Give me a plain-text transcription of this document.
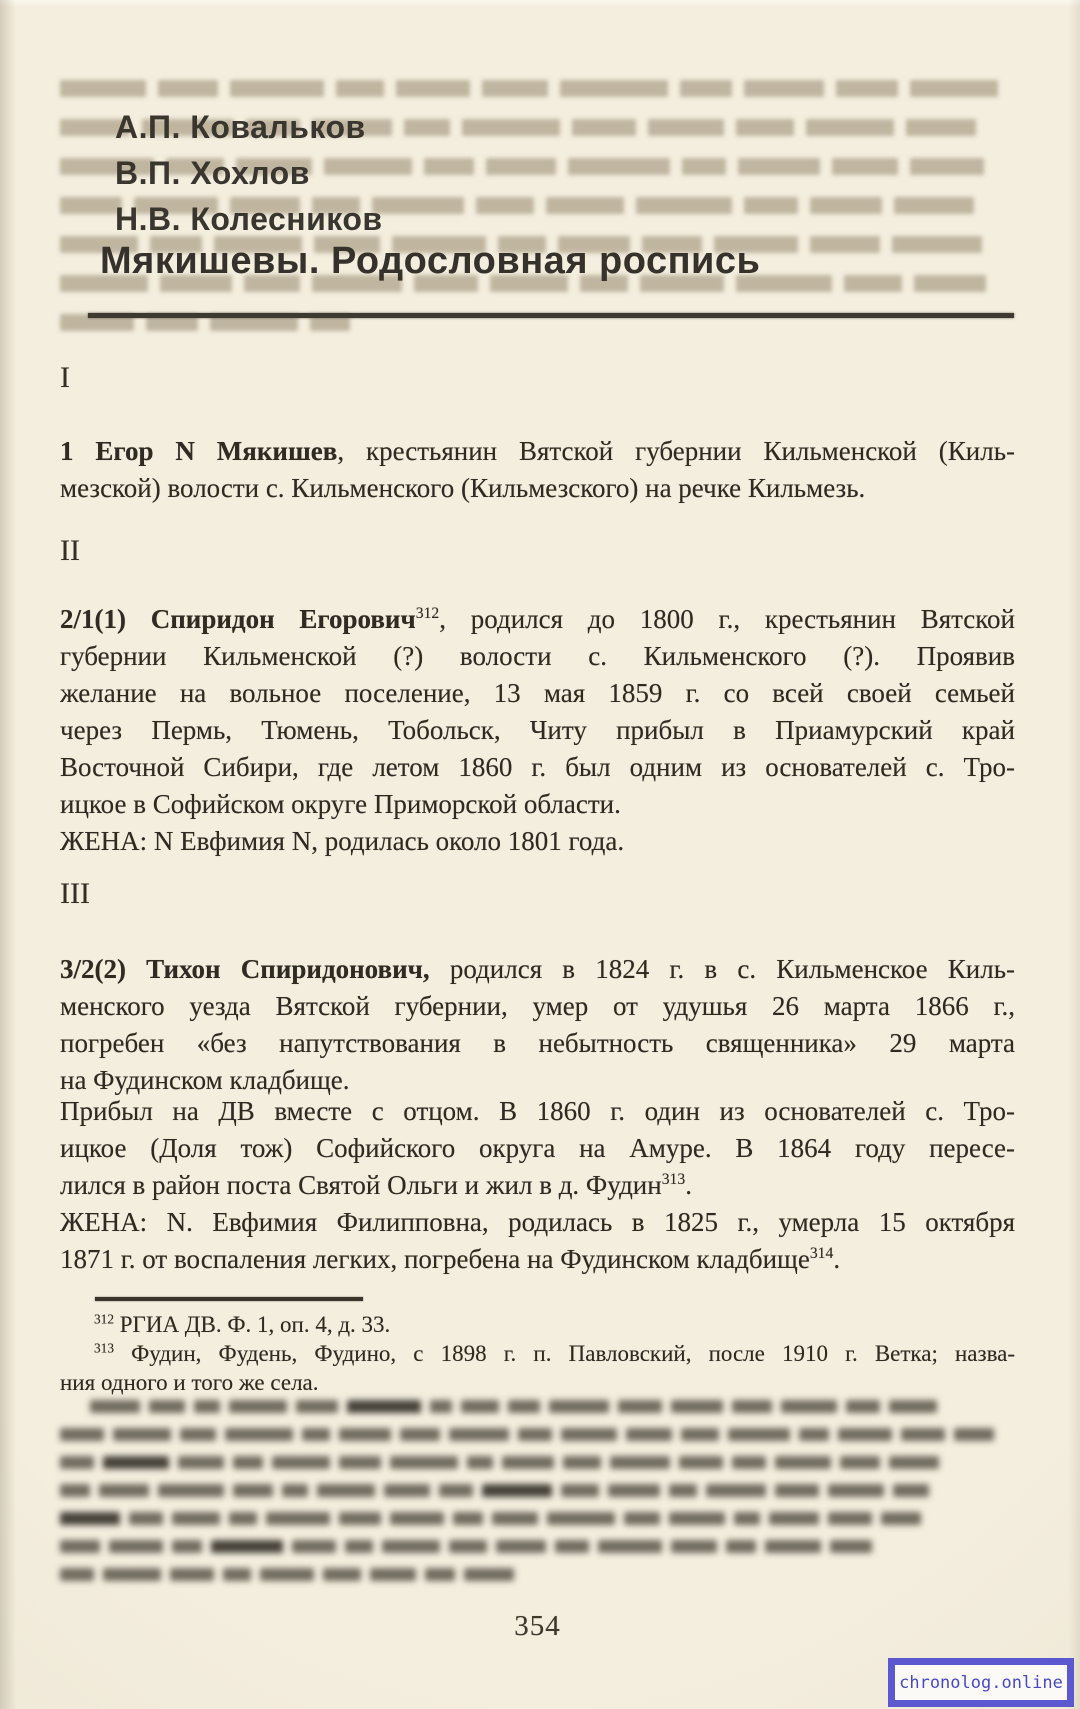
А.П. Ковальков
В.П. Хохлов
Н.В. Колесников
Мякишевы. Родословная роспись
I
1 Егор N Мякишев, крестьянин Вятской губернии Кильменской (Киль-
мезской) волости с. Кильменского (Кильмезского) на речке Кильмезь.
II
2/1(1) Спиридон Егорович$^{312}$, родился до 1800 г., крестьянин Вятской
губернии Кильменской (?) волости с. Кильменского (?). Проявив
желание на вольное поселение, 13 мая 1859 г. со всей своей семьей
через Пермь, Тюмень, Тобольск, Читу прибыл в Приамурский край
Восточной Сибири, где летом 1860 г. был одним из основателей с. Тро-
ицкое в Софийском округе Приморской области.
ЖЕНА: N Евфимия N, родилась около 1801 года.
III
3/2(2) Тихон Спиридонович, родился в 1824 г. в с. Кильменское Киль-
менского уезда Вятской губернии, умер от удушья 26 марта 1866 г.,
погребен «без напутствования в небытность священника» 29 марта
на Фудинском кладбище.
Прибыл на ДВ вместе с отцом. В 1860 г. один из основателей с. Тро-
ицкое (Доля тож) Софийского округа на Амуре. В 1864 году пересе-
лился в район поста Святой Ольги и жил в д. Фудин$^{313}$.
ЖЕНА: N. Евфимия Филипповна, родилась в 1825 г., умерла 15 октября
1871 г. от воспаления легких, погребена на Фудинском кладбище$^{314}$.
$^{312}$ РГИА ДВ. Ф. 1, оп. 4, д. 33.
$^{313}$ Фудин, Фудень, Фудино, с 1898 г. п. Павловский, после 1910 г. Ветка; назва-
ния одного и того же села.
354
chronolog.online
